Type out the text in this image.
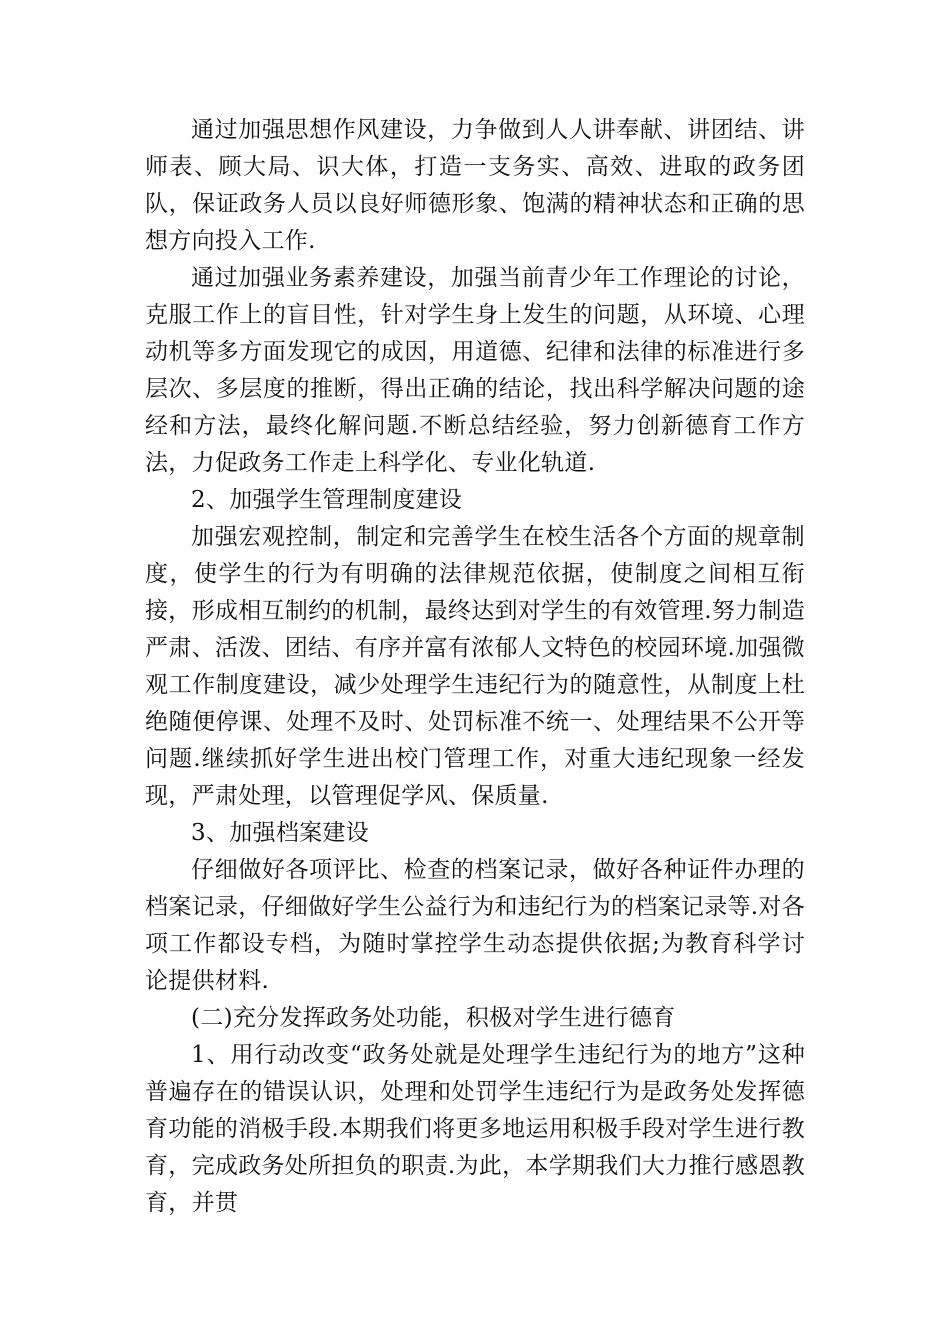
通过加强思想作风建设，力争做到人人讲奉献、讲团结、讲师表、顾大局、识大体，打造一支务实、高效、进取的政务团队，保证政务人员以良好师德形象、饱满的精神状态和正确的思想方向投入工作.

通过加强业务素养建设，加强当前青少年工作理论的讨论，克服工作上的盲目性，针对学生身上发生的问题，从环境、心理动机等多方面发现它的成因，用道德、纪律和法律的标准进行多层次、多层度的推断，得出正确的结论，找出科学解决问题的途经和方法，最终化解问题.不断总结经验，努力创新德育工作方法，力促政务工作走上科学化、专业化轨道.

2、加强学生管理制度建设

加强宏观控制，制定和完善学生在校生活各个方面的规章制度，使学生的行为有明确的法律规范依据，使制度之间相互衔接，形成相互制约的机制，最终达到对学生的有效管理.努力制造严肃、活泼、团结、有序并富有浓郁人文特色的校园环境.加强微观工作制度建设，减少处理学生违纪行为的随意性，从制度上杜绝随便停课、处理不及时、处罚标准不统一、处理结果不公开等问题.继续抓好学生进出校门管理工作，对重大违纪现象一经发现，严肃处理，以管理促学风、保质量.

3、加强档案建设

仔细做好各项评比、检查的档案记录，做好各种证件办理的档案记录，仔细做好学生公益行为和违纪行为的档案记录等.对各项工作都设专档，为随时掌控学生动态提供依据;为教育科学讨论提供材料.

(二)充分发挥政务处功能，积极对学生进行德育

1、用行动改变“政务处就是处理学生违纪行为的地方”这种普遍存在的错误认识，处理和处罚学生违纪行为是政务处发挥德育功能的消极手段.本期我们将更多地运用积极手段对学生进行教育，完成政务处所担负的职责.为此，本学期我们大力推行感恩教育，并贯
